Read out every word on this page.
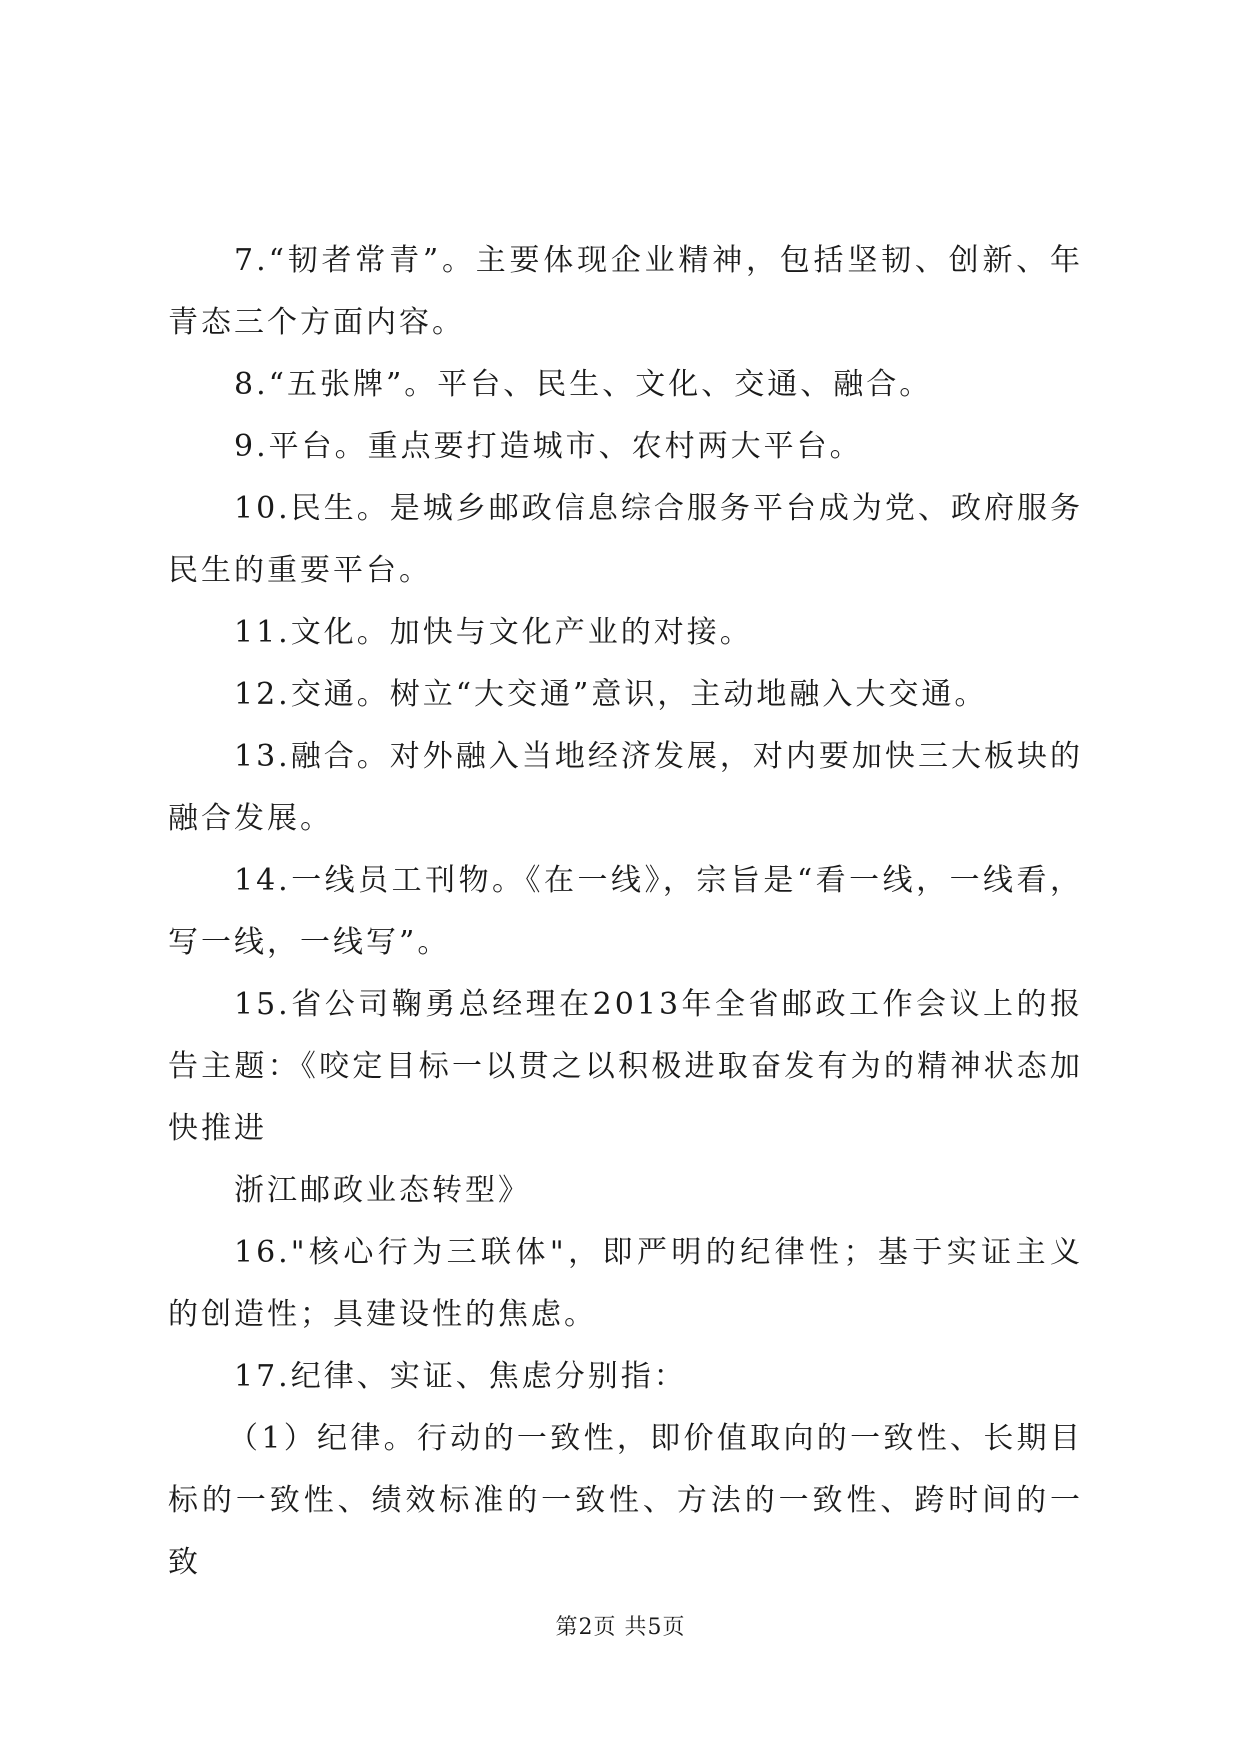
7.“韧者常青”。主要体现企业精神，包括坚韧、创新、年青态三个方面内容。

8.“五张牌”。平台、民生、文化、交通、融合。

9.平台。重点要打造城市、农村两大平台。

10.民生。是城乡邮政信息综合服务平台成为党、政府服务民生的重要平台。

11.文化。加快与文化产业的对接。

12.交通。树立“大交通”意识，主动地融入大交通。

13.融合。对外融入当地经济发展，对内要加快三大板块的融合发展。

14.一线员工刊物。《在一线》，宗旨是“看一线，一线看，写一线，一线写”。

15.省公司鞠勇总经理在2013年全省邮政工作会议上的报告主题：《咬定目标一以贯之以积极进取奋发有为的精神状态加快推进

浙江邮政业态转型》

16."核心行为三联体"，即严明的纪律性；基于实证主义的创造性；具建设性的焦虑。

17.纪律、实证、焦虑分别指：

（1）纪律。行动的一致性，即价值取向的一致性、长期目标的一致性、绩效标准的一致性、方法的一致性、跨时间的一致

第2页 共5页
